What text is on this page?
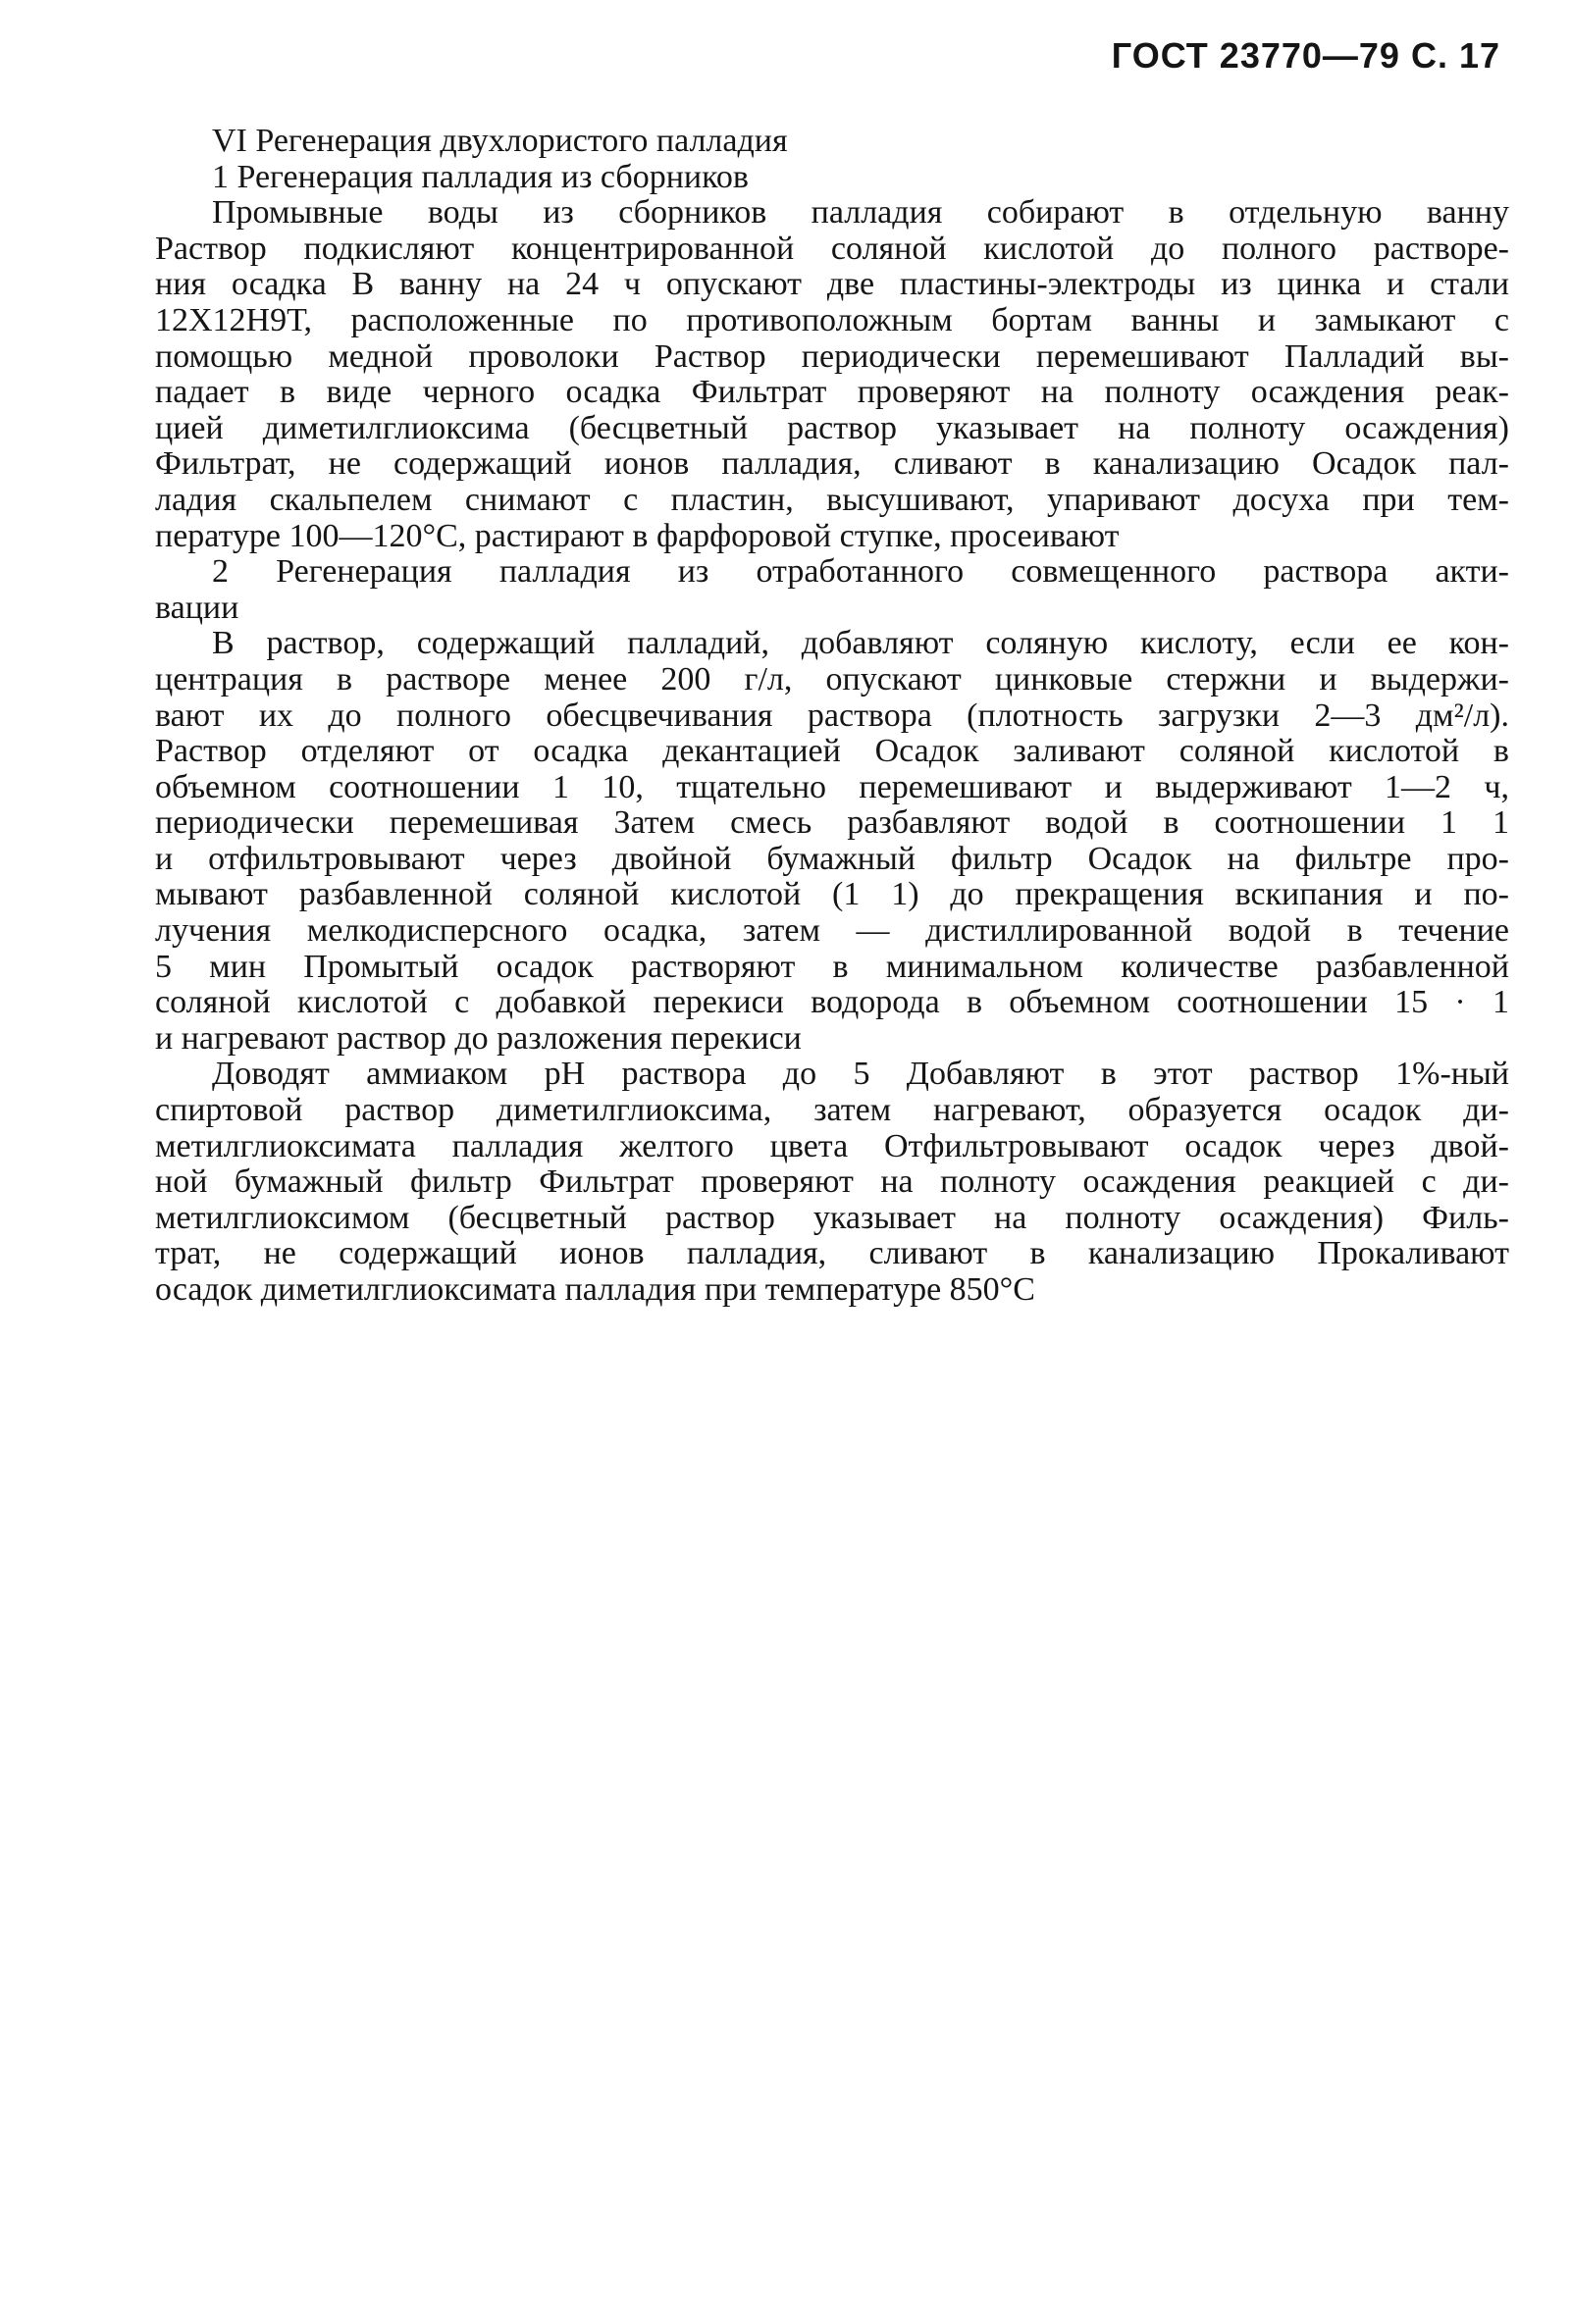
ГОСТ 23770—79 С. 17
VI Регенерация двухлористого палладия
1 Регенерация палладия из сборников
Промывные воды из сборников палладия собирают в отдельную ванну
Раствор подкисляют концентрированной соляной кислотой до полного растворе-
ния осадка В ванну на 24 ч опускают две пластины-электроды из цинка и стали
12Х12Н9Т, расположенные по противоположным бортам ванны и замыкают с
помощью медной проволоки Раствор периодически перемешивают Палладий вы-
падает в виде черного осадка Фильтрат проверяют на полноту осаждения реак-
цией диметилглиоксима (бесцветный раствор указывает на полноту осаждения)
Фильтрат, не содержащий ионов палладия, сливают в канализацию Осадок пал-
ладия скальпелем снимают с пластин, высушивают, упаривают досуха при тем-
пературе 100—120°С, растирают в фарфоровой ступке, просеивают
2 Регенерация палладия из отработанного совмещенного раствора акти-
вации
В раствор, содержащий палладий, добавляют соляную кислоту, если ее кон-
центрация в растворе менее 200 г/л, опускают цинковые стержни и выдержи-
вают их до полного обесцвечивания раствора (плотность загрузки 2—3 дм²/л).
Раствор отделяют от осадка декантацией Осадок заливают соляной кислотой в
объемном соотношении 1 10, тщательно перемешивают и выдерживают 1—2 ч,
периодически перемешивая Затем смесь разбавляют водой в соотношении 1 1
и отфильтровывают через двойной бумажный фильтр Осадок на фильтре про-
мывают разбавленной соляной кислотой (1 1) до прекращения вскипания и по-
лучения мелкодисперсного осадка, затем — дистиллированной водой в течение
5 мин Промытый осадок растворяют в минимальном количестве разбавленной
соляной кислотой с добавкой перекиси водорода в объемном соотношении 15 · 1
и нагревают раствор до разложения перекиси
Доводят аммиаком pH раствора до 5 Добавляют в этот раствор 1%-ный
спиртовой раствор диметилглиоксима, затем нагревают, образуется осадок ди-
метилглиоксимата палладия желтого цвета Отфильтровывают осадок через двой-
ной бумажный фильтр Фильтрат проверяют на полноту осаждения реакцией с ди-
метилглиоксимом (бесцветный раствор указывает на полноту осаждения) Филь-
трат, не содержащий ионов палладия, сливают в канализацию Прокаливают
осадок диметилглиоксимата палладия при температуре 850°С
